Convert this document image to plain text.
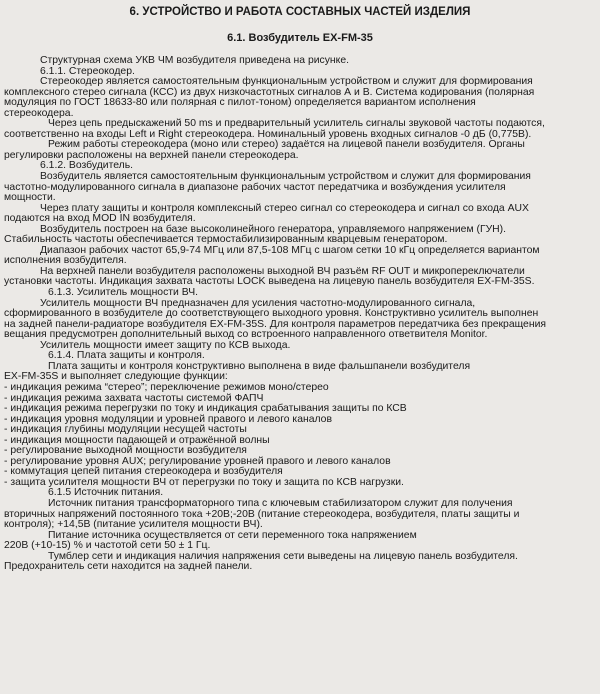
6. УСТРОЙСТВО И РАБОТА СОСТАВНЫХ ЧАСТЕЙ ИЗДЕЛИЯ
6.1. Возбудитель EX-FM-35

Структурная схема УКВ ЧМ возбудителя приведена на рисунке.

6.1.1. Стереокодер.

Стереокодер является самостоятельным функциональным устройством и служит для формирования

комплексного стерео сигнала (КСС) из двух низкочастотных сигналов А и В. Система кодирования (полярная

модуляция по ГОСТ 18633-80 или полярная с пилот-тоном) определяется вариантом исполнения

стереокодера.

Через цепь предыскажений 50 ms и предварительный усилитель сигналы звуковой частоты подаются,

соответственно на входы Left и Right стереокодера. Номинальный уровень входных сигналов -0 дБ (0,775В).

Режим работы стереокодера (моно или стерео) задаётся на лицевой панели возбудителя. Органы

регулировки расположены на верхней панели стереокодера.

6.1.2. Возбудитель.

Возбудитель является самостоятельным функциональным устройством и служит для формирования

частотно-модулированного сигнала в диапазоне рабочих частот передатчика и возбуждения усилителя

мощности.

Через плату защиты и контроля комплексный стерео сигнал со стереокодера и сигнал со входа AUX

подаются на вход MOD IN возбудителя.

Возбудитель построен на базе высоколинейного генератора, управляемого напряжением (ГУН).

Стабильность частоты обеспечивается термостабилизированным кварцевым генератором.

Диапазон рабочих частот 65,9-74 МГц или 87,5-108 МГц с шагом сетки 10 кГц определяется вариантом

исполнения возбудителя.

На верхней панели возбудителя расположены выходной ВЧ разъём RF OUT и микропереключатели

установки частоты. Индикация захвата частоты LOCK выведена на лицевую панель возбудителя EX-FM-35S.

6.1.3. Усилитель мощности ВЧ.

Усилитель мощности ВЧ предназначен для усиления частотно-модулированного сигнала,

сформированного в возбудителе до соответствующего выходного уровня. Конструктивно усилитель выполнен

на задней панели-радиаторе возбудителя EX-FM-35S. Для контроля параметров передатчика без прекращения

вещания предусмотрен дополнительный выход со встроенного направленного ответвителя Monitor.

Усилитель мощности имеет защиту по КСВ выхода.

6.1.4. Плата защиты и контроля.

Плата защиты и контроля конструктивно выполнена в виде фальшпанели возбудителя

EX-FM-35S и выполняет следующие функции:

- индикация режима “стерео”; переключение режимов моно/стерео
- индикация режима захвата частоты системой ФАПЧ
- индикация режима перегрузки по току и индикация срабатывания защиты по КСВ
- индикация уровня модуляции и уровней правого и левого каналов
- индикация глубины модуляции несущей частоты
- индикация мощности падающей и отражённой волны
- регулирование выходной мощности возбудителя
- регулирование уровня AUX; регулирование уровней правого и левого каналов
- коммутация цепей питания стереокодера и возбудителя
- защита усилителя мощности ВЧ от перегрузки по току и защита по КСВ нагрузки.

6.1.5 Источник питания.

Источник питания трансформаторного типа с ключевым стабилизатором служит для получения

вторичных напряжений постоянного тока +20В;-20В (питание стереокодера, возбудителя, платы защиты и

контроля); +14,5В (питание усилителя мощности ВЧ).

Питание источника осуществляется от сети переменного тока напряжением

220В (+10-15) % и частотой сети 50 ± 1 Гц.

Тумблер сети и индикация наличия напряжения сети выведены на лицевую панель возбудителя.

Предохранитель сети находится на задней панели.
